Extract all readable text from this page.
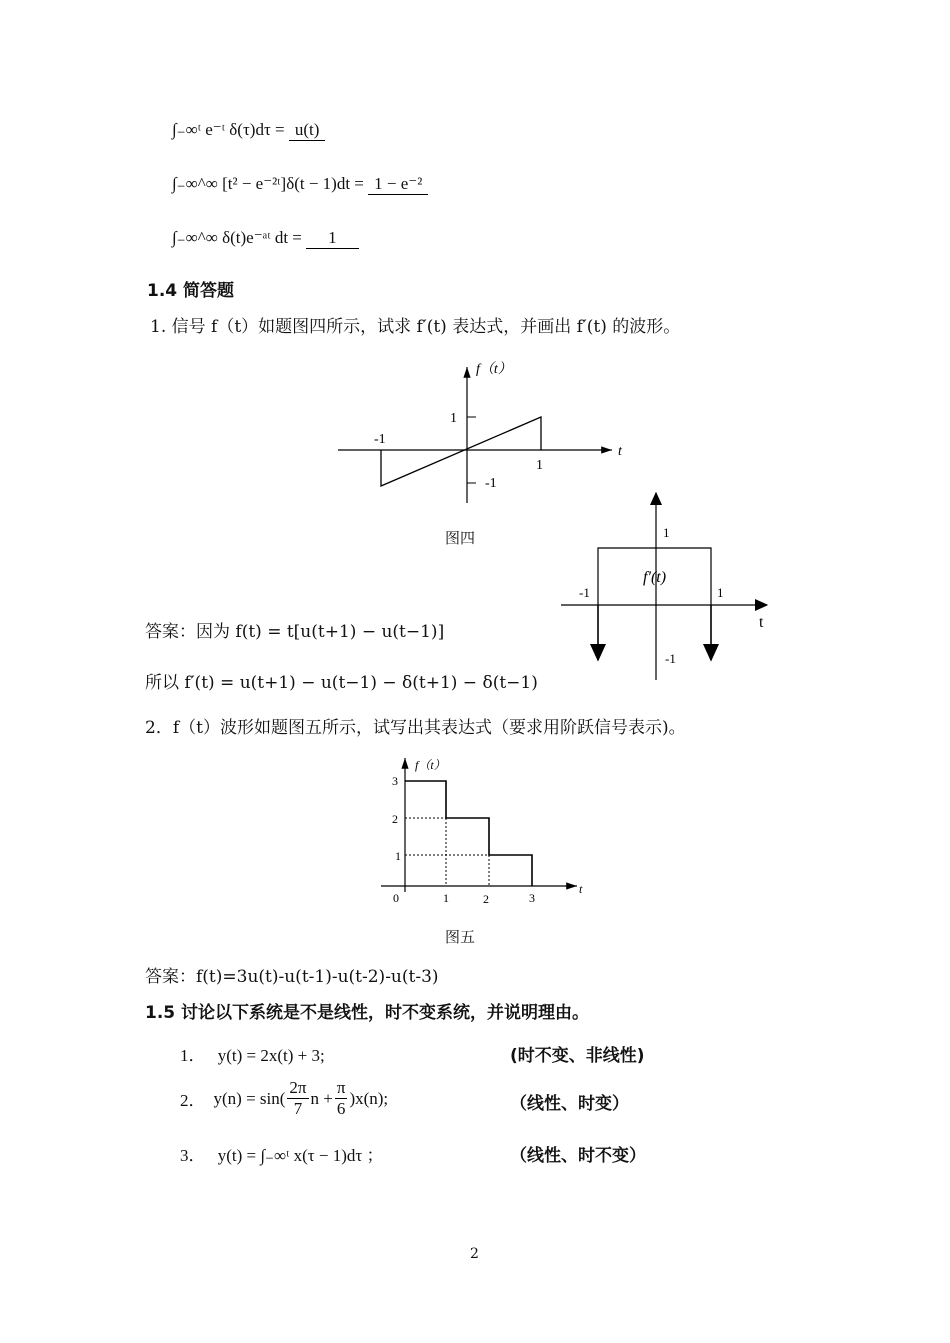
∫₋∞ᵗ e⁻ᵗ δ(τ)dτ = u(t)
∫₋∞^∞ [t² − e⁻²ᵗ]δ(t − 1)dt = 1 − e⁻²
∫₋∞^∞ δ(t)e⁻ᵃᵗ dt = 1
1.4 简答题
1. 信号 f（t）如题图四所示，试求 f′(t) 表达式，并画出 f′(t) 的波形。
f（t）
1
-1
-1
1
t
图四	1
f′(t)
-1	1
-1
t
答案：因为 f(t) = t[u(t+1) − u(t−1)]
所以 f′(t) = u(t+1) − u(t−1) − δ(t+1) − δ(t−1)
2．f（t）波形如题图五所示，试写出其表达式（要求用阶跃信号表示)。
f（t）
3
2
1
0	1	2	3
t
图五
答案：f(t)=3u(t)-u(t-1)-u(t-2)-u(t-3)
1.5 讨论以下系统是不是线性，时不变系统，并说明理由。
1． y(t) = 2x(t) + 3;	(时不变、非线性)
2． $y(n) = \sin( \frac{2\pi}{7}$ $n + \frac{\pi}{6} )x(n)$;	（线性、时变）
3． y(t) = ∫₋∞ᵗ x(τ − 1)dτ ；	（线性、时不变）
2
